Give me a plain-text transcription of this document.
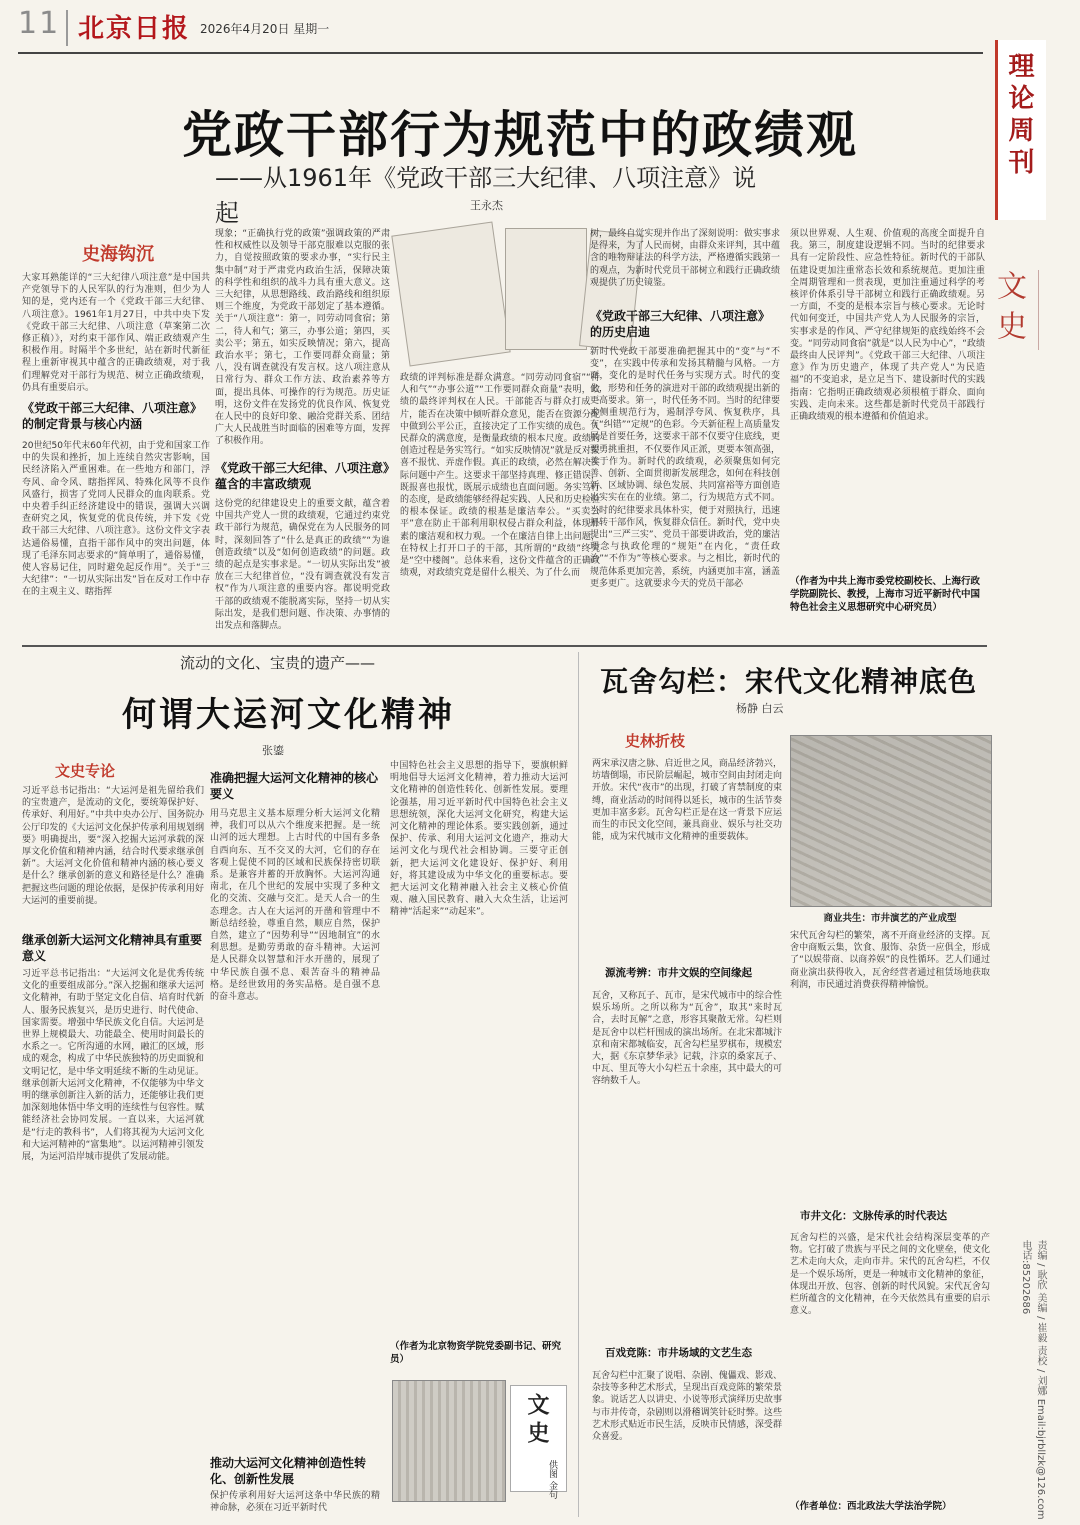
11 北京日报 2026年4月20日 星期一
理论周刊
文史
责编 / 耿欣 美编 / 崔毅 责校 / 刘娜 Email:bjrbllzk@126.com 电话:85202686
党政干部行为规范中的政绩观
——从1961年《党政干部三大纪律、八项注意》说起	王永杰
史海钩沉
大家耳熟能详的“三大纪律八项注意”是中国共产党领导下的人民军队的行为准则，但少为人知的是，党内还有一个《党政干部三大纪律、八项注意》。1961年1月27日，中共中央下发《党政干部三大纪律、八项注意（草案第二次修正稿）》，对约束干部作风、端正政绩观产生积极作用。时隔半个多世纪，站在新时代新征程上重新审视其中蕴含的正确政绩观，对于我们理解党对干部行为规范、树立正确政绩观，仍具有重要启示。
《党政干部三大纪律、八项注意》的制定背景与核心内涵
20世纪50年代末60年代初，由于党和国家工作中的失误和挫折，加上连续自然灾害影响，国民经济陷入严重困难。在一些地方和部门，浮夸风、命令风、瞎指挥风、特殊化风等不良作风盛行，损害了党同人民群众的血肉联系。党中央着手纠正经济建设中的错误，强调大兴调查研究之风，恢复党的优良传统，并下发《党政干部三大纪律、八项注意》。这份文件文字表达通俗易懂，直指干部作风中的突出问题，体现了毛泽东同志要求的“简单明了，通俗易懂，使人容易记住，同时避免起反作用”。关于“三大纪律”：“一切从实际出发”旨在反对工作中存在的主观主义、瞎指挥
现象；“正确执行党的政策”强调政策的严肃性和权威性以及领导干部克服难以克服的张力，自觉按照政策的要求办事，“实行民主集中制”对于严肃党内政治生活，保障决策的科学性和组织的战斗力具有重大意义。这三大纪律，从思想路线、政治路线和组织原则三个维度，为党政干部划定了基本遵循。关于“八项注意”：第一，同劳动同食宿；第二，待人和气；第三，办事公道；第四，买卖公平；第五，如实反映情况；第六，提高政治水平；第七，工作要同群众商量；第八，没有调查就没有发言权。这八项注意从日常行为、群众工作方法、政治素养等方面，提出具体、可操作的行为规范。历史证明，这份文件在发扬党的优良作风、恢复党在人民中的良好印象、融洽党群关系、团结广大人民战胜当时面临的困难等方面，发挥了积极作用。
《党政干部三大纪律、八项注意》蕴含的丰富政绩观
这份党的纪律建设史上的重要文献，蕴含着中国共产党人一贯的政绩观，它通过约束党政干部行为规范，确保党在为人民服务的同时，深刻回答了“什么是真正的政绩”“为谁创造政绩”以及“如何创造政绩”的问题。政绩的起点是实事求是。“一切从实际出发”被放在三大纪律首位，“没有调查就没有发言权”作为八项注意的重要内容。都说明党政干部的政绩观不能脱离实际，坚持一切从实际出发，是我们想问题、作决策、办事情的出发点和落脚点。
政绩的评判标准是群众满意。“同劳动同食宿”“待人和气”“办事公道”“工作要同群众商量”表明，政绩的最终评判权在人民。干部能否与群众打成一片，能否在决策中倾听群众意见，能否在资源分配中做到公平公正，直接决定了工作实绩的成色。人民群众的满意度，是衡量政绩的根本尺度。政绩的创造过程是务实笃行。“如实反映情况”就是反对报喜不报忧、弄虚作假。真正的政绩，必然在解决实际问题中产生。这要求干部坚持真理、修正错误，既报喜也报忧，既展示成绩也直面问题。务实笃行的态度，是政绩能够经得起实践、人民和历史检验的根本保证。政绩的根基是廉洁奉公。“买卖公平”意在防止干部利用职权侵占群众利益，体现朴素的廉洁观和权力观。一个在廉洁自律上出问题，在特权上打开口子的干部，其所谓的“政绩”终究是“空中楼阁”。总体来看，这份文件蕴含的正确政绩观，对政绩究竟是留什么根关、为了什么而
树，最终自觉实现并作出了深刻说明：做实事求是得来，为了人民而树，由群众来评判，其中蕴含的唯物辩证法的科学方法，严格遵循实践第一的观点，为新时代党员干部树立和践行正确政绩观提供了历史镜鉴。
《党政干部三大纪律、八项注意》的历史启迪
新时代党政干部要准确把握其中的“变”与“不变”，在实践中传承和发扬其精髓与风格。一方面，变化的是时代任务与实现方式。时代的变化，形势和任务的演进对干部的政绩观提出新的更高要求。第一，时代任务不同。当时的纪律要求侧重规范行为，遏制浮夸风、恢复秩序，具有“纠错”“定规”的色彩。今天新征程上高质量发展是首要任务，这要求干部不仅要守住底线，更要勇挑重担，不仅要作风正派，更要本领高强，善于作为。新时代的政绩观，必须聚焦如何完善、创新、全面贯彻新发展理念，如何在科技创新、区域协调、绿色发展、共同富裕等方面创造出实实在在的业绩。第二，行为规范方式不同。当时的纪律要求具体朴实，便于对照执行，迅速扭转干部作风，恢复群众信任。新时代，党中央提出“三严三实”、党员干部要讲政治，党的廉洁理念与执政伦理的“规矩”在内化，“责任政治”“不作为”等核心要求。与之相比，新时代的规范体系更加完善，系统，内涵更加丰富，涵盖更多更广。这就要求今天的党员干部必
须以世界观、人生观、价值观的高度全面提升自我。第三，制度建设逻辑不同。当时的纪律要求具有一定阶段性、应急性特征。新时代的干部队伍建设更加注重常态长效和系统规范。更加注重全周期管理和一贯表现，更加注重通过科学的考核评价体系引导干部树立和践行正确政绩观。另一方面，不变的是根本宗旨与核心要求。无论时代如何变迁，中国共产党人为人民服务的宗旨，实事求是的作风、严守纪律规矩的底线始终不会变。“同劳动同食宿”就是“以人民为中心”，“政绩最终由人民评判”。《党政干部三大纪律、八项注意》作为历史遗产，体现了共产党人“为民造福”的不变追求，是立足当下、建设新时代的实践指南：它指明正确政绩观必须根植于群众、面向实践、走向未来。这些都是新时代党员干部践行正确政绩观的根本遵循和价值追求。
（作者为中共上海市委党校副校长、上海行政学院副院长、教授，上海市习近平新时代中国特色社会主义思想研究中心研究员）
流动的文化、宝贵的遗产——
何谓大运河文化精神
张鎏
文史专论
习近平总书记指出：“大运河是祖先留给我们的宝贵遗产，是流动的文化，要统筹保护好、传承好、利用好。”中共中央办公厅、国务院办公厅印发的《大运河文化保护传承利用规划纲要》明确提出，要“深入挖掘大运河承载的深厚文化价值和精神内涵，结合时代要求继承创新”。大运河文化价值和精神内涵的核心要义是什么？继承创新的意义和路径是什么？准确把握这些问题的理论依据，是保护传承利用好大运河的重要前提。
继承创新大运河文化精神具有重要意义
习近平总书记指出：“大运河文化是优秀传统文化的重要组成部分。”深入挖掘和继承大运河文化精神，有助于坚定文化自信、培育时代新人、服务民族复兴，是历史进行、时代使命、国家需要。增强中华民族文化自信。大运河是世界上规模最大、功能最全、使用时间最长的水系之一。它所沟通的水网，融汇的区域，形成的观念，构成了中华民族独特的历史面貌和文明记忆，是中华文明延续不断的生动见证。继承创新大运河文化精神，不仅能够为中华文明的继承创新注入新的活力，还能够让我们更加深刻地体悟中华文明的连续性与包容性。赋能经济社会协同发展。一直以来，大运河就是“行走的教科书”，人们将其视为大运河文化和大运河精神的“富集地”。以运河精神引领发展，为运河沿岸城市提供了发展动能。
准确把握大运河文化精神的核心要义
用马克思主义基本原理分析大运河文化精神，我们可以从六个维度来把握。是一统山河的远大理想。上古时代的中国有多条自西向东、互不交叉的大河，它们的存在客观上促使不同的区域和民族保持密切联系。是兼容并蓄的开放胸怀。大运河沟通南北，在几个世纪的发展中实现了多种文化的交流、交融与交汇。是天人合一的生态理念。古人在大运河的开凿和管理中不断总结经验，尊重自然，顺应自然，保护自然，建立了“因势利导”“因地制宜”的水利思想。是勤劳勇敢的奋斗精神。大运河是人民群众以智慧和汗水开凿的，展现了中华民族自强不息、艰苦奋斗的精神品格。是经世致用的务实品格。是自强不息的奋斗意志。
中国特色社会主义思想的指导下，要旗帜鲜明地倡导大运河文化精神，着力推动大运河文化精神的创造性转化、创新性发展。要理论强基，用习近平新时代中国特色社会主义思想统领，深化大运河文化研究，构建大运河文化精神的理论体系。要实践创新，通过保护、传承、利用大运河文化遗产，推动大运河文化与现代社会相协调。三要守正创新，把大运河文化建设好、保护好、利用好，将其建设成为中华文化的重要标志。要把大运河文化精神融入社会主义核心价值观、融入国民教育、融入大众生活，让运河精神“活起来”“动起来”。
（作者为北京物资学院党委副书记、研究员）
文史
供图 金句
推动大运河文化精神创造性转化、创新性发展
保护传承利用好大运河这条中华民族的精神命脉，必须在习近平新时代
瓦舍勾栏：宋代文化精神底色
杨静 白云
史林折枝
两宋承汉唐之脉、启近世之风，商品经济勃兴，坊墙倒塌，市民阶层崛起，城市空间由封闭走向开放。宋代“夜市”的出现，打破了宵禁制度的束缚，商业活动的时间得以延长，城市的生活节奏更加丰富多彩。瓦舍勾栏正是在这一背景下应运而生的市民文化空间，兼具商业、娱乐与社交功能，成为宋代城市文化精神的重要载体。
商业共生：市井演艺的产业成型
宋代瓦舍勾栏的繁荣，离不开商业经济的支撑。瓦舍中商贩云集，饮食、服饰、杂货一应俱全，形成了“以娱带商、以商养娱”的良性循环。艺人们通过商业演出获得收入，瓦舍经营者通过租赁场地获取利润，市民通过消费获得精神愉悦。
源流考辨：市井文娱的空间缘起
瓦舍，又称瓦子、瓦市，是宋代城市中的综合性娱乐场所。之所以称为“瓦舍”，取其“来时瓦合，去时瓦解”之意，形容其聚散无常。勾栏则是瓦舍中以栏杆围成的演出场所。在北宋都城汴京和南宋都城临安，瓦舍勾栏星罗棋布，规模宏大，据《东京梦华录》记载，汴京的桑家瓦子、中瓦、里瓦等大小勾栏五十余座，其中最大的可容纳数千人。
百戏竞陈：市井场域的文艺生态
瓦舍勾栏中汇聚了说唱、杂剧、傀儡戏、影戏、杂技等多种艺术形式，呈现出百戏竞陈的繁荣景象。说话艺人以讲史、小说等形式演绎历史故事与市井传奇，杂剧则以滑稽调笑针砭时弊。这些艺术形式贴近市民生活，反映市民情感，深受群众喜爱。
市井文化：文脉传承的时代表达
瓦舍勾栏的兴盛，是宋代社会结构深层变革的产物。它打破了贵族与平民之间的文化壁垒，使文化艺术走向大众，走向市井。宋代的瓦舍勾栏，不仅是一个娱乐场所，更是一种城市文化精神的象征，体现出开放、包容、创新的时代风貌。宋代瓦舍勾栏所蕴含的文化精神，在今天依然具有重要的启示意义。
（作者单位：西北政法大学法治学院）
